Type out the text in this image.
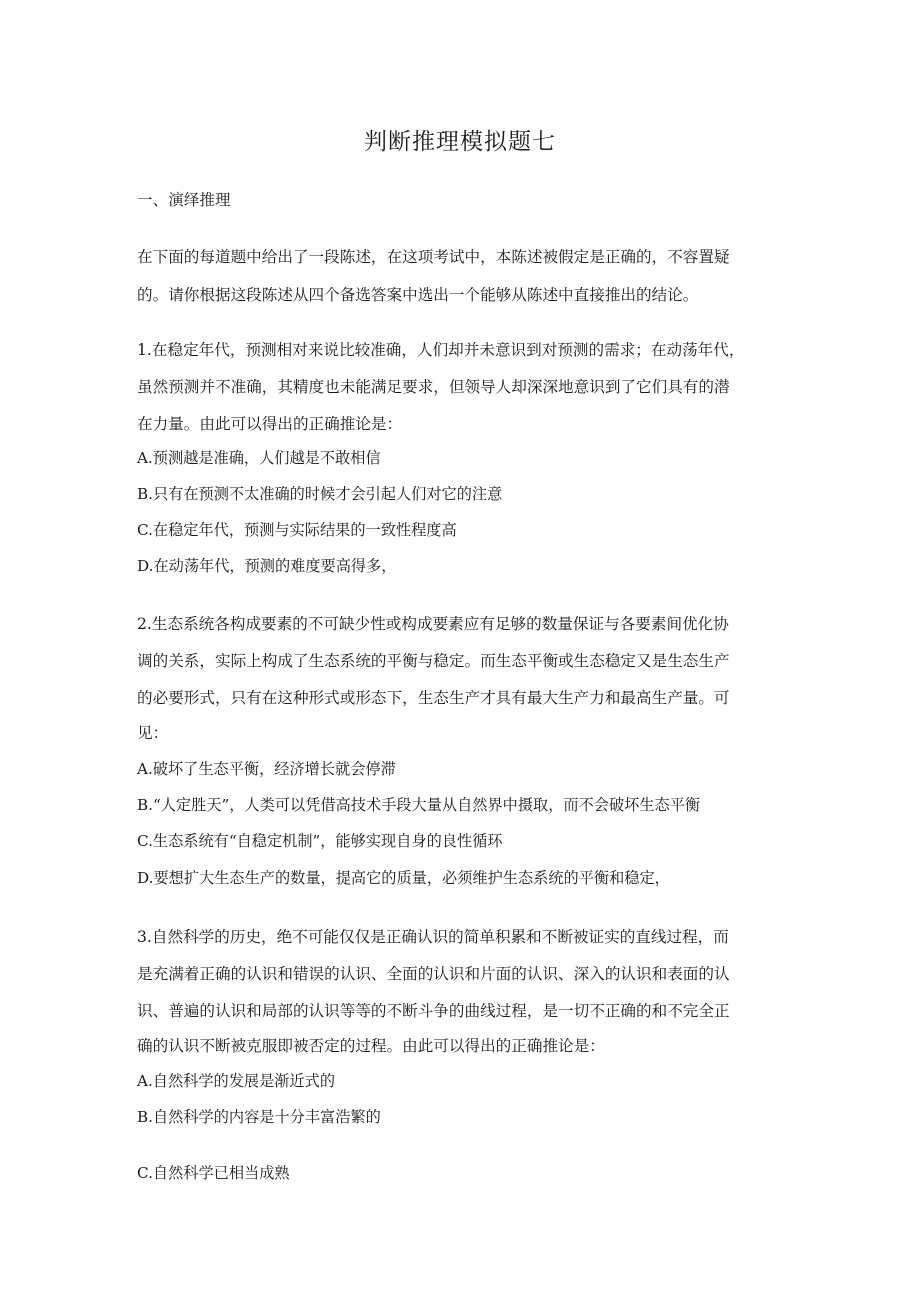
判断推理模拟题七
一、演绎推理
在下面的每道题中给出了一段陈述，在这项考试中，本陈述被假定是正确的，不容置疑
的。请你根据这段陈述从四个备选答案中选出一个能够从陈述中直接推出的结论。
1.在稳定年代，预测相对来说比较准确，人们却并未意识到对预测的需求；在动荡年代，
虽然预测并不准确，其精度也未能满足要求，但领导人却深深地意识到了它们具有的潜
在力量。由此可以得出的正确推论是：
A.预测越是准确，人们越是不敢相信
B.只有在预测不太准确的时候才会引起人们对它的注意
C.在稳定年代，预测与实际结果的一致性程度高
D.在动荡年代，预测的难度要高得多，
2.生态系统各构成要素的不可缺少性或构成要素应有足够的数量保证与各要素间优化协
调的关系，实际上构成了生态系统的平衡与稳定。而生态平衡或生态稳定又是生态生产
的必要形式，只有在这种形式或形态下，生态生产才具有最大生产力和最高生产量。可
见：
A.破坏了生态平衡，经济增长就会停滞
B.“人定胜天”，人类可以凭借高技术手段大量从自然界中摄取，而不会破坏生态平衡
C.生态系统有“自稳定机制”，能够实现自身的良性循环
D.要想扩大生态生产的数量，提高它的质量，必须维护生态系统的平衡和稳定，
3.自然科学的历史，绝不可能仅仅是正确认识的简单积累和不断被证实的直线过程，而
是充满着正确的认识和错误的认识、全面的认识和片面的认识、深入的认识和表面的认
识、普遍的认识和局部的认识等等的不断斗争的曲线过程，是一切不正确的和不完全正
确的认识不断被克服即被否定的过程。由此可以得出的正确推论是：
A.自然科学的发展是渐近式的
B.自然科学的内容是十分丰富浩繁的
C.自然科学已相当成熟
